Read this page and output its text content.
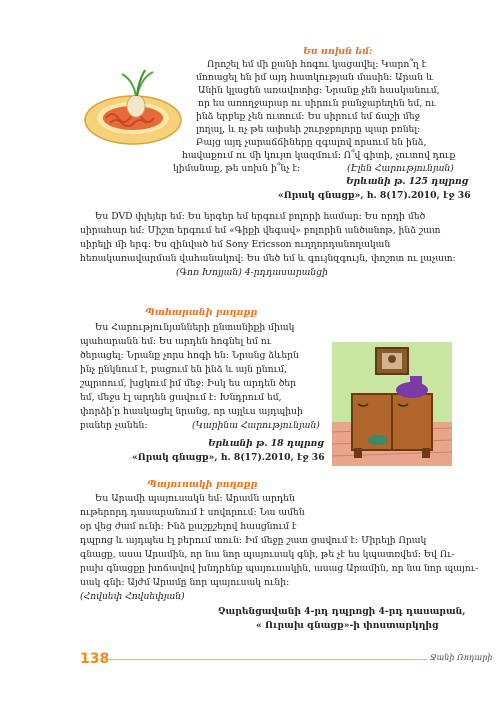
Ես սոխն եմ:
Որոշել եմ մի քանի հոգու կացավել: Կարո՞ղ է
մոռացել են իմ այդ հատկության մասին: Արան և
Անին կլացեն առավոտից: Նրանք չեն հասկանում,
որ ես առողջարար ու սիրուն բանջարեղեն եմ, ու
ինձ երբեք չեն ուտում: Ես սիրում եմ ճաշի մեջ
լողալ, և ոչ թե ափսեի շուրջբոլորը պար բռնել:
Բայց այդ չարաճճիները զգալով որսում են ինձ,
հավաքում ու մի կույտ կազմում: Ո՞վ գիտի, չուտով դուք
կիմանաք, թե սոխն ի՞նչ է:	(Էլեն Հարությունյան)
Երևանի թ. 125 դպրոց
«Որակ գնացք», հ. 8(17).2010, էջ 36
Ես DVD փլեյեր եմ: Ես երգեր եմ երգում բոլորի համար: Ես որդի մեծ
սիրահար եմ: Միշտ երգում եմ «Գիքի վեգավ» բոլորին անծանոթ, ինձ շատ
սիրելի մի երգ: Ես զինված եմ Sony Ericsson ուղղորդանողական
հեռակառավարման վահանակով: Ես մեծ եմ և գույնզգույն, փոշոտ ու լաչատ:
(Գոռ Խոյյան) 4-րդդասարանցի
Պահարանի բողոքը
Ես Հարությունյանների ընտանիքի միակ
պահարանն եմ: Ես արդեն հոգնել եմ ու
ծերացել: Նրանք չորս հոգի են: Նրանց ձևերն
ինչ ընկնում է, բացում են ինձ և այն ընում,
շպրտում, խցկում իմ մեջ: Իսկ ես արդեն ծեր
եմ, մեջս էլ արդեն ցավում է: Խնդրում եմ,
փորձի՛ր հասկացել նրանց, որ այլևս այդպիսի
բաներ չանեն:	(Կարինա Հարությունյան)
Երևանի թ. 18 դպրոց
«Որակ գնացք», հ. 8(17).2010, էջ 36
Պայուսակի բողոքը
Ես Արամի պայուսակն եմ: Արամն արդեն
ութերորդ դասարանում է սովորում: Նա ամեն
օր վեց ժամ ունի: Ինձ քաշքշելով հասցնում է
դպրոց և այդպես էլ բերում տուն: Իմ մեջը շատ ցավում է: Միրելի Որակ
գնացք, ասա Արամին, որ նա նոր պայուսակ գնի, թե չէ ես կպատռվեմ: Եվ Ու-
րախ գնացքը խոճավով խնդրենք պայուսակին, ասաց Արամին, որ նա նոր պայու-
սակ գնի: Այժմ Արամը նոր պայուսակ ունի:
(Հովսեփ Հովսեփյան)
Չարենցավանի 4-րդ դպրոցի 4-րդ դասարան,
« Ուրախ գնացք»-ի փոստարկղից
138	Ջանի Ռոդարի
